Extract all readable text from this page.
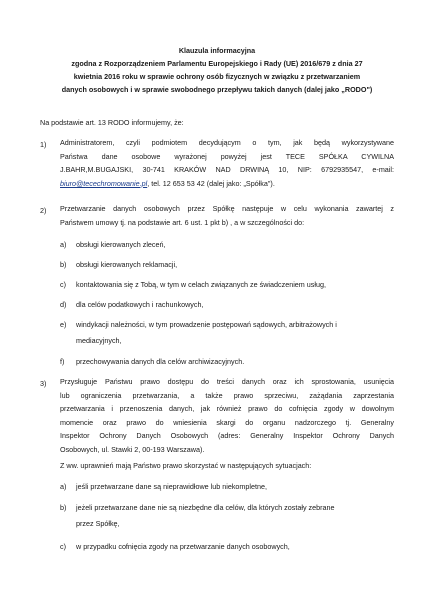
Klauzula informacyjna
zgodna z Rozporządzeniem Parlamentu Europejskiego i Rady (UE) 2016/679 z dnia 27
kwietnia 2016 roku w sprawie ochrony osób fizycznych w związku z przetwarzaniem
danych osobowych i w sprawie swobodnego przepływu takich danych (dalej jako „RODO")
Na podstawie art. 13 RODO informujemy, że:
1) Administratorem, czyli podmiotem decydującym o tym, jak będą wykorzystywane
Państwa dane osobowe wyrażonej powyżej jest TECE SPÓŁKA CYWILNA
J.BAHR,M.BUGAJSKI, 30-741 KRAKÓW NAD DRWINĄ 10, NIP: 6792935547, e-mail:
biuro@tecechromowanie.pl, tel. 12 653 53 42 (dalej jako: „Spółka").
2) Przetwarzanie danych osobowych przez Spółkę następuje w celu wykonania zawartej z
Państwem umowy tj. na podstawie art. 6 ust. 1 pkt b) , a w szczególności do:
a)	obsługi kierowanych zleceń,
b)	obsługi kierowanych reklamacji,
c)	kontaktowania się z Tobą, w tym w celach związanych ze świadczeniem usług,
d)	dla celów podatkowych i rachunkowych,
e)	windykacji należności, w tym prowadzenie postępowań sądowych, arbitrażowych i
mediacyjnych,
f)	przechowywania danych dla celów archiwizacyjnych.
3) Przysługuje Państwu prawo dostępu do treści danych oraz ich sprostowania, usunięcia
lub ograniczenia przetwarzania, a także prawo sprzeciwu, zażądania zaprzestania
przetwarzania i przenoszenia danych, jak również prawo do cofnięcia zgody w dowolnym
momencie oraz prawo do wniesienia skargi do organu nadzorczego tj. Generalny
Inspektor Ochrony Danych Osobowych (adres: Generalny Inspektor Ochrony Danych
Osobowych, ul. Stawki 2, 00-193 Warszawa).
Z ww. uprawnień mają Państwo prawo skorzystać w następujących sytuacjach:
a)	jeśli przetwarzane dane są nieprawidłowe lub niekompletne,
b)	jeżeli przetwarzane dane nie są niezbędne dla celów, dla których zostały zebrane
przez Spółkę,
c)	w przypadku cofnięcia zgody na przetwarzanie danych osobowych,
